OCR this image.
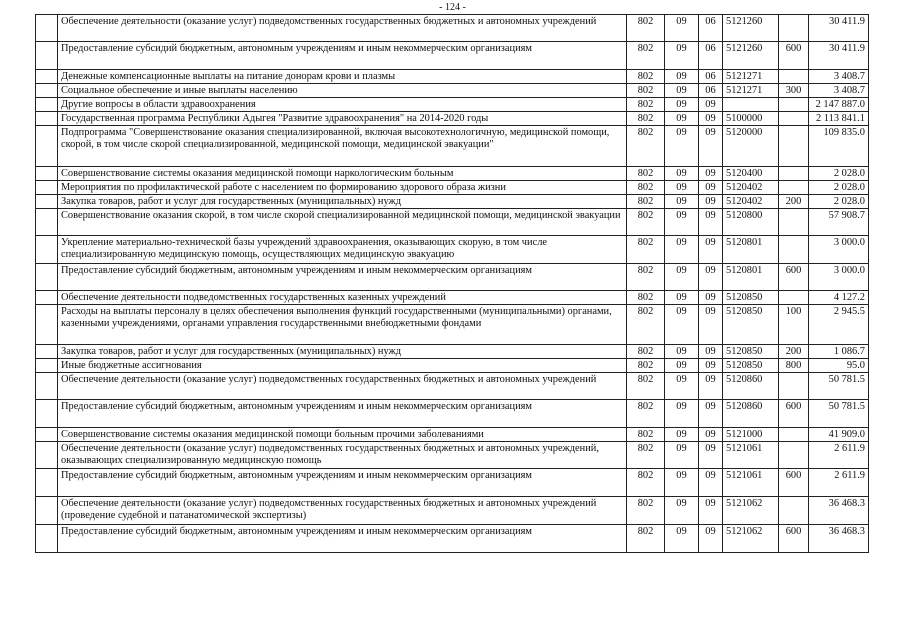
- 124 -
	Обеспечение деятельности (оказание услуг) подведомственных государственных бюджетных и автономных учреждений	802	09	06	5121260		30 411.9
	Предоставление субсидий бюджетным, автономным учреждениям и иным некоммерческим организациям	802	09	06	5121260	600	30 411.9
	Денежные компенсационные выплаты на питание донорам крови и плазмы	802	09	06	5121271		3 408.7
	Социальное обеспечение и иные выплаты населению	802	09	06	5121271	300	3 408.7
	Другие вопросы в области здравоохранения	802	09	09			2 147 887.0
	Государственная программа Республики Адыгея "Развитие здравоохранения" на 2014-2020 годы	802	09	09	5100000		2 113 841.1
	Подпрограмма "Совершенствование оказания специализированной, включая высокотехнологичную, медицинской помощи, скорой, в том числе скорой специализированной, медицинской помощи, медицинской эвакуации"	802	09	09	5120000		109 835.0
	Совершенствование системы оказания медицинской помощи наркологическим больным	802	09	09	5120400		2 028.0
	Мероприятия по профилактической работе с населением по формированию здорового образа жизни	802	09	09	5120402		2 028.0
	Закупка товаров, работ и услуг для государственных (муниципальных) нужд	802	09	09	5120402	200	2 028.0
	Совершенствование оказания скорой, в том числе скорой специализированной медицинской помощи, медицинской эвакуации	802	09	09	5120800		57 908.7
	Укрепление материально-технической базы учреждений здравоохранения, оказывающих скорую, в том числе специализированную медицинскую помощь, осуществляющих медицинскую эвакуацию	802	09	09	5120801		3 000.0
	Предоставление субсидий бюджетным, автономным учреждениям и иным некоммерческим организациям	802	09	09	5120801	600	3 000.0
	Обеспечение деятельности подведомственных государственных казенных учреждений	802	09	09	5120850		4 127.2
	Расходы на выплаты персоналу в целях обеспечения выполнения функций государственными (муниципальными) органами, казенными учреждениями, органами управления государственными внебюджетными фондами	802	09	09	5120850	100	2 945.5
	Закупка товаров, работ и услуг для государственных (муниципальных) нужд	802	09	09	5120850	200	1 086.7
	Иные бюджетные ассигнования	802	09	09	5120850	800	95.0
	Обеспечение деятельности (оказание услуг) подведомственных государственных бюджетных и автономных учреждений	802	09	09	5120860		50 781.5
	Предоставление субсидий бюджетным, автономным учреждениям и иным некоммерческим организациям	802	09	09	5120860	600	50 781.5
	Совершенствование системы оказания медицинской помощи больным прочими заболеваниями	802	09	09	5121000		41 909.0
	Обеспечение деятельности (оказание услуг) подведомственных государственных бюджетных и автономных учреждений, оказывающих специализированную медицинскую помощь	802	09	09	5121061		2 611.9
	Предоставление субсидий бюджетным, автономным учреждениям и иным некоммерческим организациям	802	09	09	5121061	600	2 611.9
	Обеспечение деятельности (оказание услуг) подведомственных государственных бюджетных и автономных учреждений (проведение судебной и патанатомической экспертизы)	802	09	09	5121062		36 468.3
	Предоставление субсидий бюджетным, автономным учреждениям и иным некоммерческим организациям	802	09	09	5121062	600	36 468.3
